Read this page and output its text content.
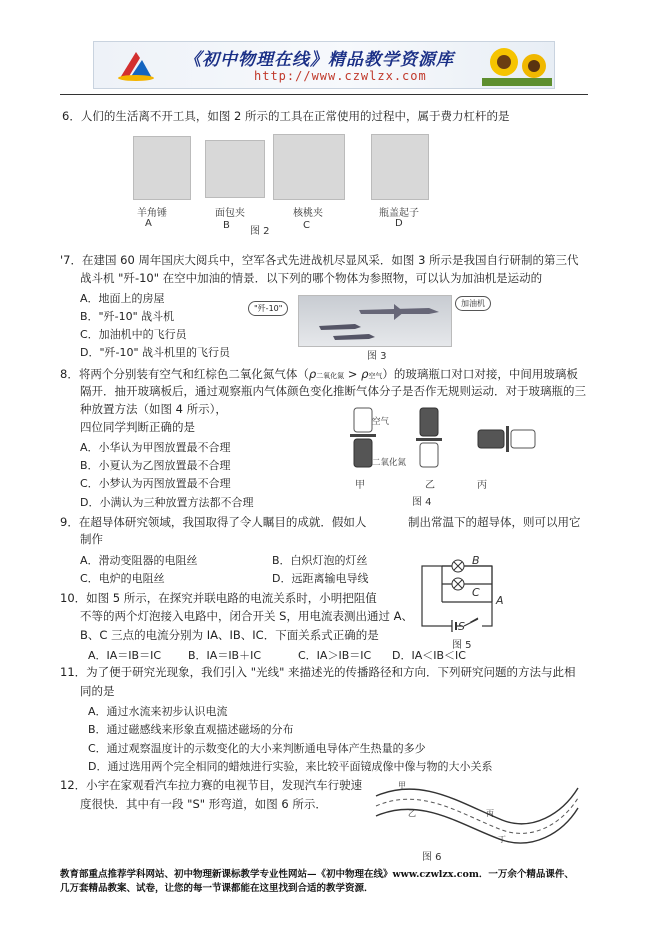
《初中物理在线》精品教学资源库
http://www.czwlzx.com
6．人们的生活离不开工具，如图 2 所示的工具在正常使用的过程中，属于费力杠杆的是
羊角锤	面包夹	核桃夹	瓶盖起子
A	B	C	D
图 2
'7．在建国 60 周年国庆大阅兵中，空军各式先进战机尽显风采．如图 3 所示是我国自行研制的第三代
战斗机 "歼-10" 在空中加油的情景．以下列的哪个物体为参照物，可以认为加油机是运动的
A．地面上的房屋
B．"歼-10" 战斗机
C．加油机中的飞行员
D．"歼-10" 战斗机里的飞行员
"歼-10"
加油机
图 3
8．将两个分别装有空气和红棕色二氧化氮气体（ρ二氧化氮 > ρ空气）的玻璃瓶口对口对接，中间用玻璃板
隔开．抽开玻璃板后，通过观察瓶内气体颜色变化推断气体分子是否作无规则运动．对于玻璃瓶的三
种放置方法（如图 4 所示），
四位同学判断正确的是
A．小华认为甲图放置最不合理
B．小夏认为乙图放置最不合理
C．小梦认为丙图放置最不合理
D．小满认为三种放置方法都不合理
空气
二氧化氮
甲	乙	丙
图 4
9．在超导体研究领域，我国取得了令人瞩目的成就．假如人	制出常温下的超导体，则可以用它
制作
A．滑动变阻器的电阻丝	B．白炽灯泡的灯丝
C．电炉的电阻丝	D．远距离输电导线
10．如图 5 所示，在探究并联电路的电流关系时，小明把阻值
不等的两个灯泡接入电路中，闭合开关 S，用电流表测出通过 A、
B、C 三点的电流分别为 IA、IB、IC．下面关系式正确的是
A．IA＝IB＝IC B．IA＝IB＋IC	C．IA＞IB＝IC D．IA＜IB＜IC
B
C
A
S
图 5
11．为了便于研究光现象，我们引入 "光线" 来描述光的传播路径和方向．下列研究问题的方法与此相
同的是
A．通过水流来初步认识电流
B．通过磁感线来形象直观描述磁场的分布
C．通过观察温度计的示数变化的大小来判断通电导体产生热量的多少
D．通过选用两个完全相同的蜡烛进行实验，来比较平面镜成像中像与物的大小关系
12．小宇在家观看汽车拉力赛的电视节目，发现汽车行驶速
度很快．其中有一段 "S" 形弯道，如图 6 所示．
甲
乙	丙
丁
图 6
教育部重点推荐学科网站、初中物理新课标教学专业性网站—《初中物理在线》www.czwlzx.com．一万余个精品课件、
几万套精品教案、试卷，让您的每一节课都能在这里找到合适的教学资源．
